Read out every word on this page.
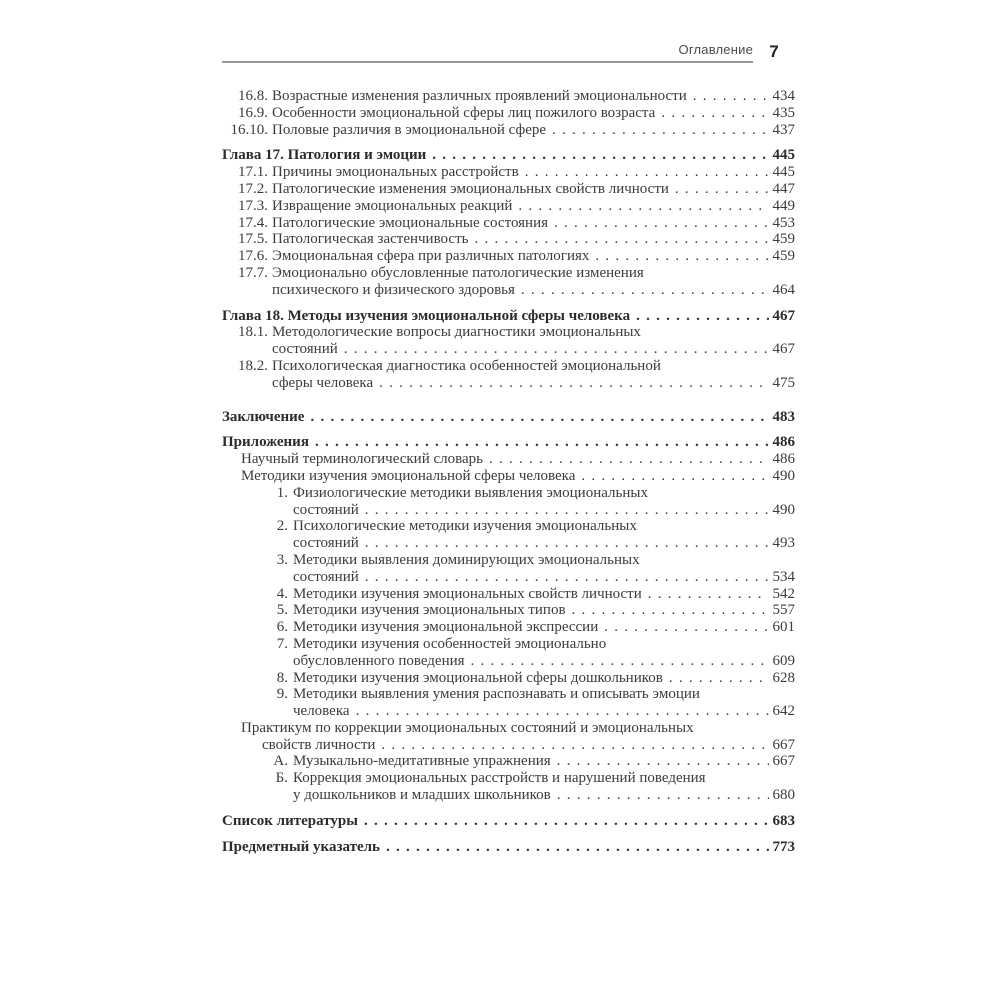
Оглавление 7
16.8. Возрастные изменения различных проявлений эмоциональности . . .	434
16.9. Особенности эмоциональной сферы лиц пожилого возраста . . .	435
16.10. Половые различия в эмоциональной сфере . . .	437
Глава 17. Патология и эмоции . . .	445
17.1. Причины эмоциональных расстройств . . .	445
17.2. Патологические изменения эмоциональных свойств личности . . .	447
17.3. Извращение эмоциональных реакций . . .	449
17.4. Патологические эмоциональные состояния . . .	453
17.5. Патологическая застенчивость . . .	459
17.6. Эмоциональная сфера при различных патологиях . . .	459
17.7. Эмоционально обусловленные патологические изменения
психического и физического здоровья . . .	464
Глава 18. Методы изучения эмоциональной сферы человека . . .	467
18.1. Методологические вопросы диагностики эмоциональных
состояний . . .	467
18.2. Психологическая диагностика особенностей эмоциональной
сферы человека . . .	475
Заключение . . .	483
Приложения . . .	486
Научный терминологический словарь . . .	486
Методики изучения эмоциональной сферы человека . . .	490
1. Физиологические методики выявления эмоциональных
состояний . . .	490
2. Психологические методики изучения эмоциональных
состояний . . .	493
3. Методики выявления доминирующих эмоциональных
состояний . . .	534
4. Методики изучения эмоциональных свойств личности . . .	542
5. Методики изучения эмоциональных типов . . .	557
6. Методики изучения эмоциональной экспрессии . . .	601
7. Методики изучения особенностей эмоционально
обусловленного поведения . . .	609
8. Методики изучения эмоциональной сферы дошкольников . . .	628
9. Методики выявления умения распознавать и описывать эмоции
человека . . .	642
Практикум по коррекции эмоциональных состояний и эмоциональных
свойств личности . . .	667
А. Музыкально-медитативные упражнения . . .	667
Б. Коррекция эмоциональных расстройств и нарушений поведения
у дошкольников и младших школьников . . .	680
Список литературы . . .	683
Предметный указатель . . .	773
